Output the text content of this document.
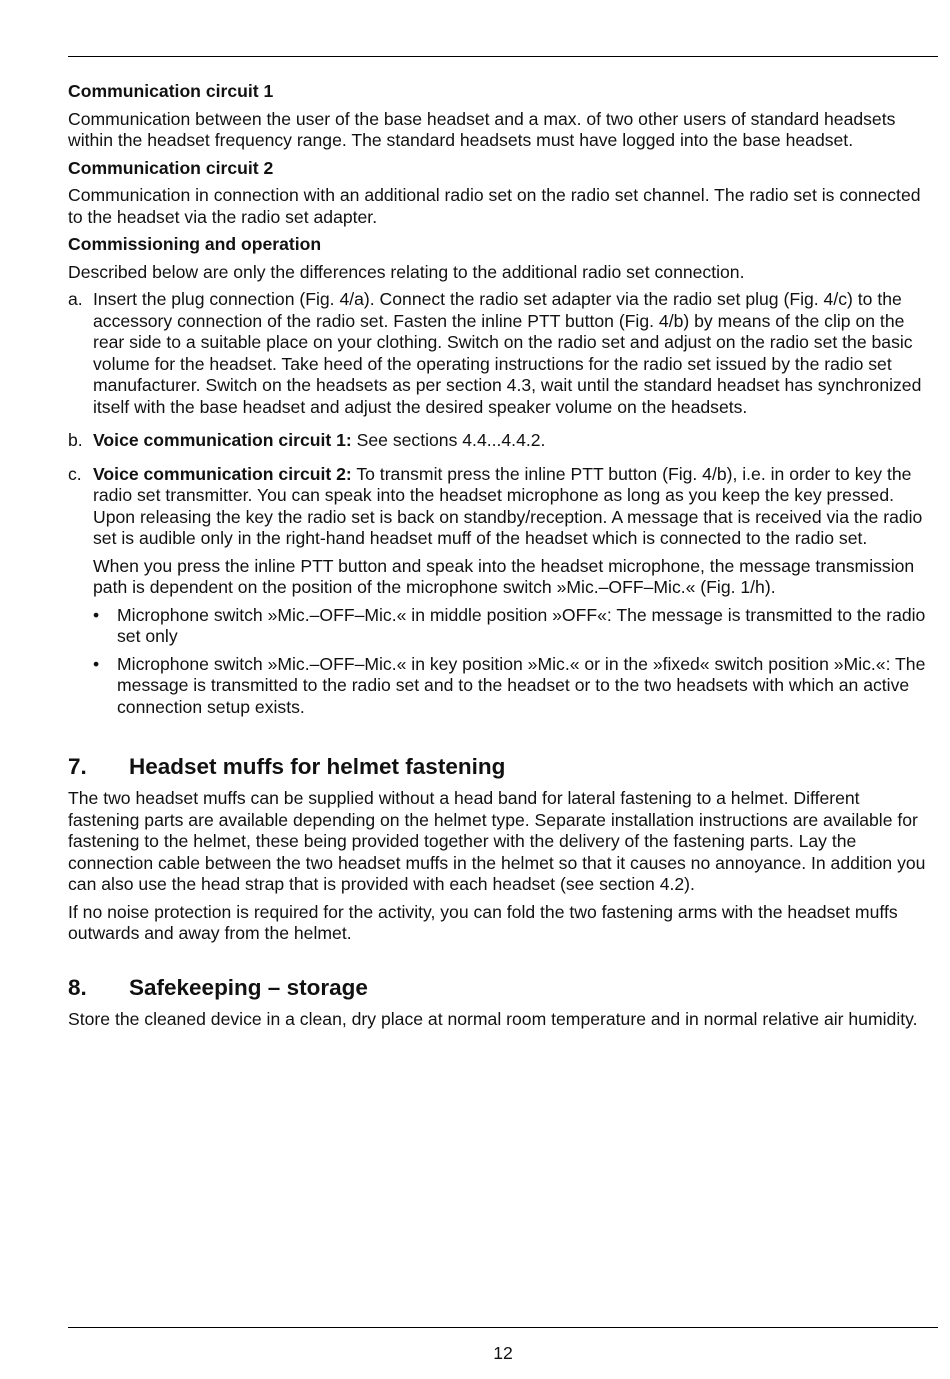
Communication circuit 1

Communication between the user of the base headset and a max. of two other users of standard headsets within the headset frequency range. The standard headsets must have logged into the base headset.

Communication circuit 2

Communication in connection with an additional radio set on the radio set channel. The radio set is connected to the headset via the radio set adapter.

Commissioning and operation

Described below are only the differences relating to the additional radio set connection.

a. Insert the plug connection (Fig. 4/a). Connect the radio set adapter via the radio set plug (Fig. 4/c) to the accessory connection of the radio set. Fasten the inline PTT button (Fig. 4/b) by means of the clip on the rear side to a suitable place on your clothing. Switch on the radio set and adjust on the radio set the basic volume for the headset. Take heed of the operating instructions for the radio set issued by the radio set manufacturer. Switch on the headsets as per section 4.3, wait until the standard headset has synchronized itself with the base headset and adjust the desired speaker volume on the headsets.

b. Voice communication circuit 1: See sections 4.4...4.4.2.

c. Voice communication circuit 2: To transmit press the inline PTT button (Fig. 4/b), i.e. in order to key the radio set transmitter. You can speak into the headset microphone as long as you keep the key pressed. Upon releasing the key the radio set is back on standby/reception. A message that is received via the radio set is audible only in the right-hand headset muff of the headset which is connected to the radio set.

When you press the inline PTT button and speak into the headset microphone, the message transmission path is dependent on the position of the microphone switch »Mic.–OFF–Mic.« (Fig. 1/h).

•	Microphone switch »Mic.–OFF–Mic.« in middle position »OFF«: The message is transmitted to the radio set only
•	Microphone switch »Mic.–OFF–Mic.« in key position »Mic.« or in the »fixed« switch position »Mic.«: The message is transmitted to the radio set and to the headset or to the two headsets with which an active connection setup exists.
7.	Headset muffs for helmet fastening

The two headset muffs can be supplied without a head band for lateral fastening to a helmet. Different fastening parts are available depending on the helmet type. Separate installation instructions are available for fastening to the helmet, these being provided together with the delivery of the fastening parts. Lay the connection cable between the two headset muffs in the helmet so that it causes no annoyance. In addition you can also use the head strap that is provided with each headset (see section 4.2).

If no noise protection is required for the activity, you can fold the two fastening arms with the headset muffs outwards and away from the helmet.

8.	Safekeeping – storage

Store the cleaned device in a clean, dry place at normal room temperature and in normal relative air humidity.

12
